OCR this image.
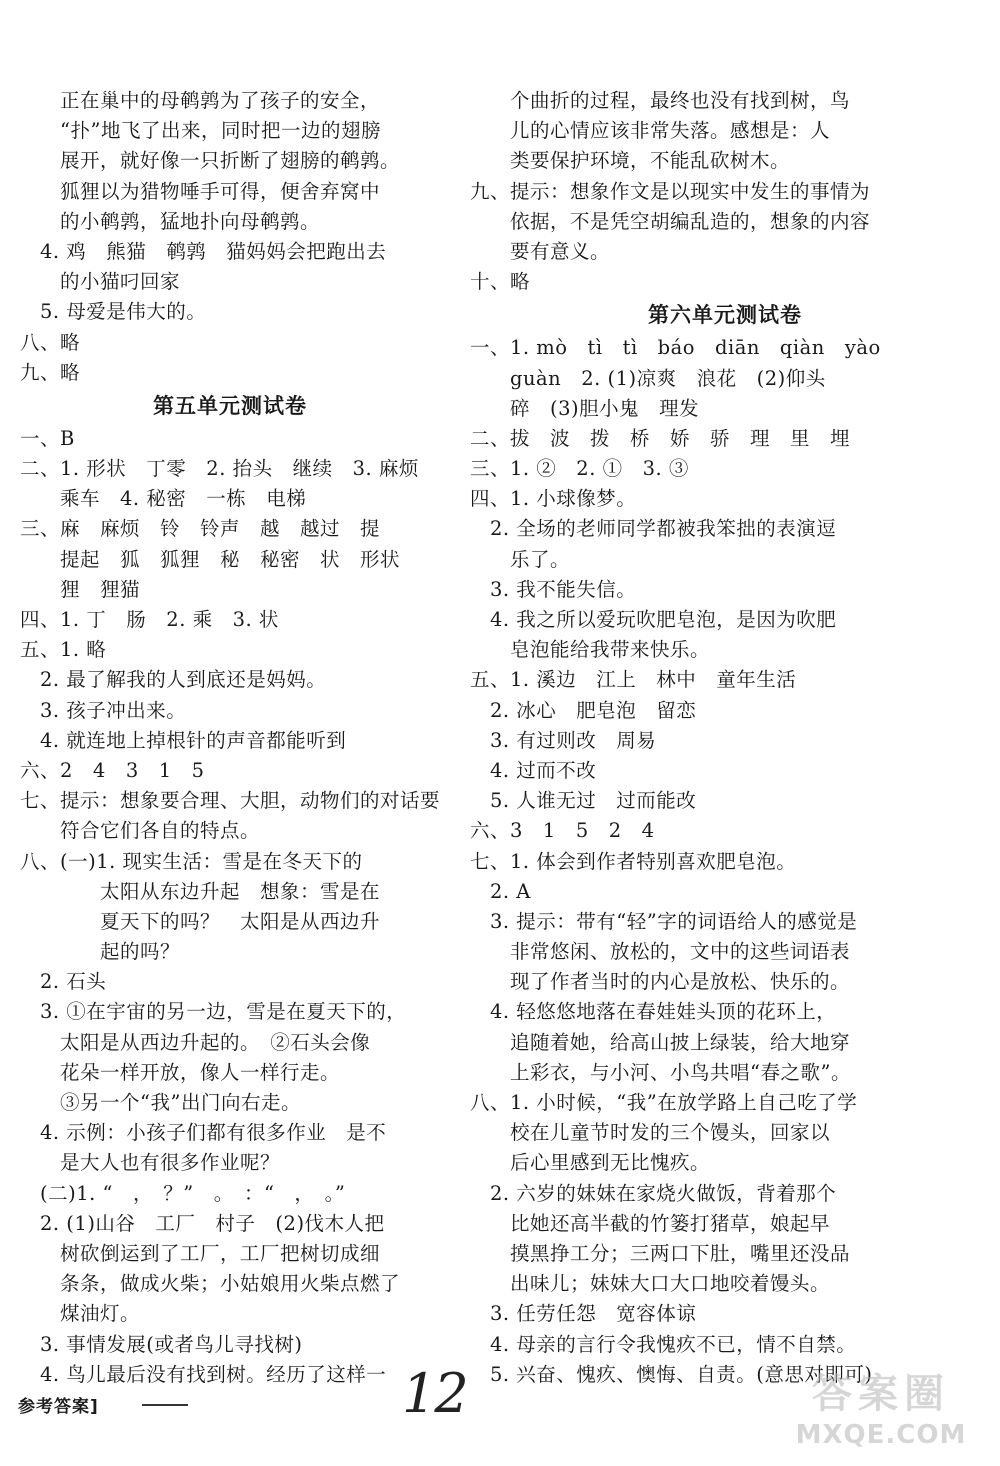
　　正在巢中的母鹌鹑为了孩子的安全，
　　“扑”地飞了出来，同时把一边的翅膀
　　展开，就好像一只折断了翅膀的鹌鹑。
　　狐狸以为猎物唾手可得，便舍弃窝中
　　的小鹌鹑，猛地扑向母鹌鹑。
　4. 鸡　熊猫　鹌鹑　猫妈妈会把跑出去
　　的小猫叼回家
　5. 母爱是伟大的。
八、略
九、略
第五单元测试卷
一、B
二、1. 形状　丁零　2. 抬头　继续　3. 麻烦
　　乘车　4. 秘密　一栋　电梯
三、麻　麻烦　铃　铃声　越　越过　提
　　提起　狐　狐狸　秘　秘密　状　形状
　　狸　狸猫
四、1. 丁　肠　2. 乘　3. 状
五、1. 略
　2. 最了解我的人到底还是妈妈。
　3. 孩子冲出来。
　4. 就连地上掉根针的声音都能听到
六、2　4　3　1　5
七、提示：想象要合理、大胆，动物们的对话要
　　符合它们各自的特点。
八、(一)1. 现实生活：雪是在冬天下的
　　　　太阳从东边升起　想象：雪是在
　　　　夏天下的吗？　太阳是从西边升
　　　　起的吗？
　2. 石头
　3. ①在宇宙的另一边，雪是在夏天下的，
　　太阳是从西边升起的。　②石头会像
　　花朵一样开放，像人一样行走。
　　③另一个“我”出门向右走。
　4. 示例：小孩子们都有很多作业　是不
　　是大人也有很多作业呢？
　(二)1. “　，　？”　。　：“　，　。”
　2. (1)山谷　工厂　村子　(2)伐木人把
　　树砍倒运到了工厂，工厂把树切成细
　　条条，做成火柴；小姑娘用火柴点燃了
　　煤油灯。
　3. 事情发展(或者鸟儿寻找树)
　4. 鸟儿最后没有找到树。经历了这样一
　　个曲折的过程，最终也没有找到树，鸟
　　儿的心情应该非常失落。感想是：人
　　类要保护环境，不能乱砍树木。
九、提示：想象作文是以现实中发生的事情为
　　依据，不是凭空胡编乱造的，想象的内容
　　要有意义。
十、略
第六单元测试卷
一、1. mò　tì　tì　báo　diān　qiàn　yào
　　guàn　2. (1)凉爽　浪花　(2)仰头
　　碎　(3)胆小鬼　理发
二、拔　波　拨　桥　娇　骄　理　里　埋
三、1. ②　2. ①　3. ③
四、1. 小球像梦。
　2. 全场的老师同学都被我笨拙的表演逗
　　乐了。
　3. 我不能失信。
　4. 我之所以爱玩吹肥皂泡，是因为吹肥
　　皂泡能给我带来快乐。
五、1. 溪边　江上　林中　童年生活
　2. 冰心　肥皂泡　留恋
　3. 有过则改　周易
　4. 过而不改
　5. 人谁无过　过而能改
六、3　1　5　2　4
七、1. 体会到作者特别喜欢肥皂泡。
　2. A
　3. 提示：带有“轻”字的词语给人的感觉是
　　非常悠闲、放松的，文中的这些词语表
　　现了作者当时的内心是放松、快乐的。
　4. 轻悠悠地落在春娃娃头顶的花环上，
　　追随着她，给高山披上绿装，给大地穿
　　上彩衣，与小河、小鸟共唱“春之歌”。
八、1. 小时候，“我”在放学路上自己吃了学
　　校在儿童节时发的三个馒头，回家以
　　后心里感到无比愧疚。
　2. 六岁的妹妹在家烧火做饭，背着那个
　　比她还高半截的竹篓打猪草，娘起早
　　摸黑挣工分；三两口下肚，嘴里还没品
　　出味儿；妹妹大口大口地咬着馒头。
　3. 任劳任怨　宽容体谅
　4. 母亲的言行令我愧疚不已，情不自禁。
　5. 兴奋、愧疚、懊悔、自责。(意思对即可)
参考答案]	12	答案圈
MXQE.COM
